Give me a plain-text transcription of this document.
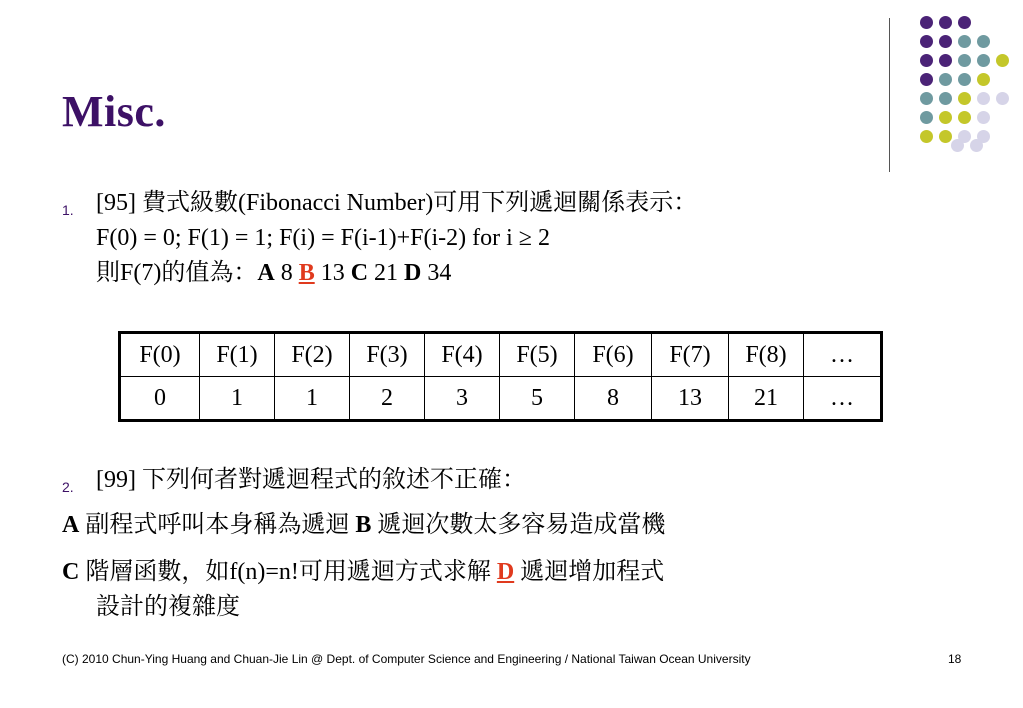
Misc.
1. [95] 費式級數(Fibonacci Number)可用下列遞迴關係表示：
F(0) = 0; F(1) = 1; F(i) = F(i-1)+F(i-2) for i ≥ 2
則F(7)的值為：A 8 B 13 C 21 D 34
F(0)	F(1)	F(2)	F(3)	F(4)	F(5)	F(6)	F(7)	F(8)	…
0	1	1	2	3	5	8	13	21	…
2. [99] 下列何者對遞迴程式的敘述不正確：
A 副程式呼叫本身稱為遞迴 B 遞迴次數太多容易造成當機
C 階層函數，如f(n)=n!可用遞迴方式求解 D 遞迴增加程式
設計的複雜度
(C) 2010 Chun-Ying Huang and Chuan-Jie Lin @ Dept. of Computer Science and Engineering / National Taiwan Ocean University	18
